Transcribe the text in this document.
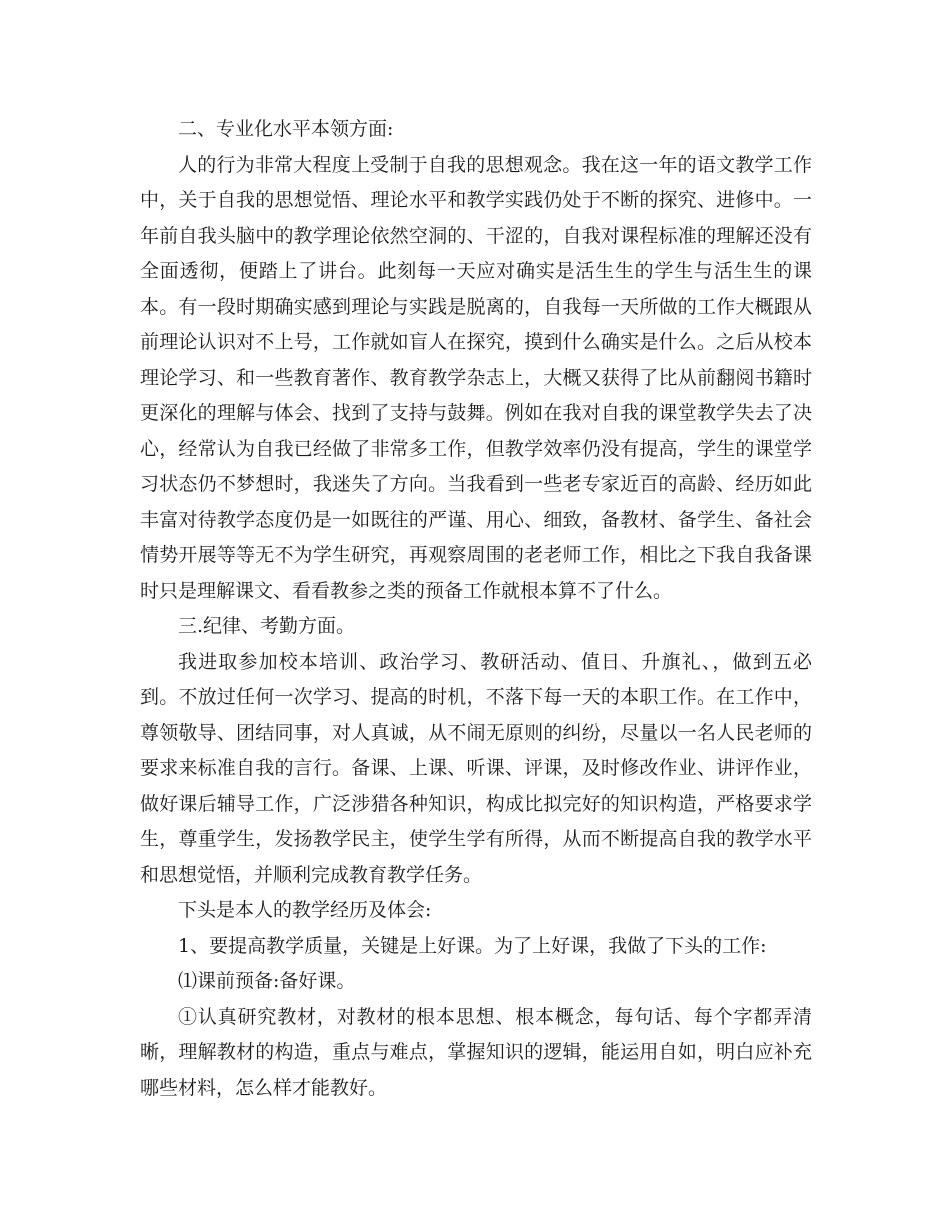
二、专业化水平本领方面:

人的行为非常大程度上受制于自我的思想观念。我在这一年的语文教学工作中，关于自我的思想觉悟、理论水平和教学实践仍处于不断的探究、进修中。一年前自我头脑中的教学理论依然空洞的、干涩的，自我对课程标准的理解还没有全面透彻，便踏上了讲台。此刻每一天应对确实是活生生的学生与活生生的课本。有一段时期确实感到理论与实践是脱离的，自我每一天所做的工作大概跟从前理论认识对不上号，工作就如盲人在探究，摸到什么确实是什么。之后从校本理论学习、和一些教育著作、教育教学杂志上，大概又获得了比从前翻阅书籍时更深化的理解与体会、找到了支持与鼓舞。例如在我对自我的课堂教学失去了决心，经常认为自我已经做了非常多工作，但教学效率仍没有提高，学生的课堂学习状态仍不梦想时，我迷失了方向。当我看到一些老专家近百的高龄、经历如此丰富对待教学态度仍是一如既往的严谨、用心、细致，备教材、备学生、备社会情势开展等等无不为学生研究，再观察周围的老老师工作，相比之下我自我备课时只是理解课文、看看教参之类的预备工作就根本算不了什么。

三.纪律、考勤方面。

我进取参加校本培训、政治学习、教研活动、值日、升旗礼、，做到五必到。不放过任何一次学习、提高的时机，不落下每一天的本职工作。在工作中，尊领敬导、团结同事，对人真诚，从不闹无原则的纠纷，尽量以一名人民老师的要求来标准自我的言行。备课、上课、听课、评课，及时修改作业、讲评作业，做好课后辅导工作，广泛涉猎各种知识，构成比拟完好的知识构造，严格要求学生，尊重学生，发扬教学民主，使学生学有所得，从而不断提高自我的教学水平和思想觉悟，并顺利完成教育教学任务。

下头是本人的教学经历及体会:

1、要提高教学质量，关键是上好课。为了上好课，我做了下头的工作:

⑴课前预备:备好课。

①认真研究教材，对教材的根本思想、根本概念，每句话、每个字都弄清晰，理解教材的构造，重点与难点，掌握知识的逻辑，能运用自如，明白应补充哪些材料，怎么样才能教好。
